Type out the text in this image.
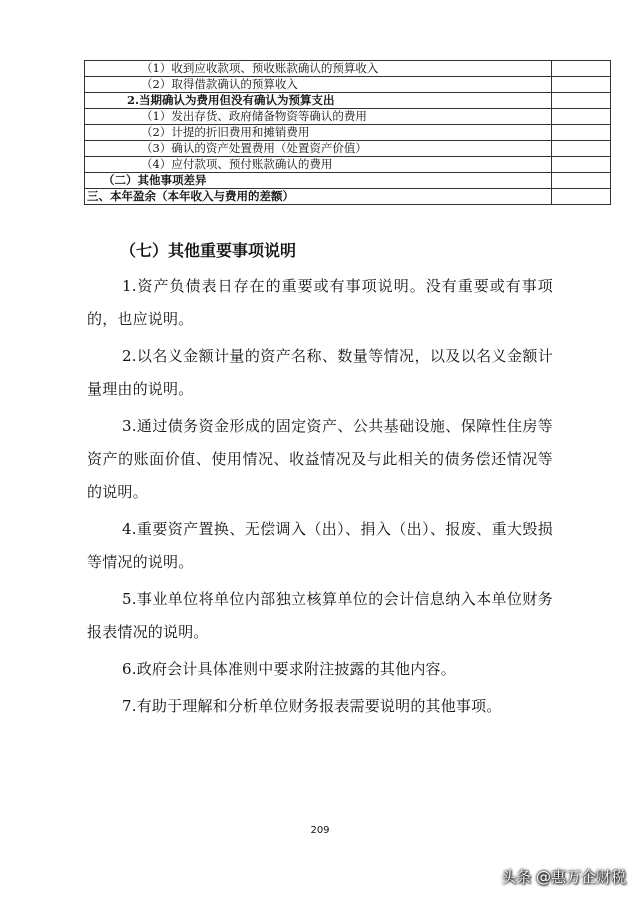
（1）收到应收款项、预收账款确认的预算收入	
（2）取得借款确认的预算收入	
2.当期确认为费用但没有确认为预算支出	
（1）发出存货、政府储备物资等确认的费用	
（2）计提的折旧费用和摊销费用	
（3）确认的资产处置费用（处置资产价值）	
（4）应付款项、预付账款确认的费用	
（二）其他事项差异	
三、本年盈余（本年收入与费用的差额）	
（七）其他重要事项说明
1.资产负债表日存在的重要或有事项说明。没有重要或有事项的，也应说明。
2.以名义金额计量的资产名称、数量等情况，以及以名义金额计量理由的说明。
3.通过债务资金形成的固定资产、公共基础设施、保障性住房等资产的账面价值、使用情况、收益情况及与此相关的债务偿还情况等的说明。
4.重要资产置换、无偿调入（出）、捐入（出）、报废、重大毁损等情况的说明。
5.事业单位将单位内部独立核算单位的会计信息纳入本单位财务报表情况的说明。
6.政府会计具体准则中要求附注披露的其他内容。
7.有助于理解和分析单位财务报表需要说明的其他事项。
209
头条 @惠万企财税
